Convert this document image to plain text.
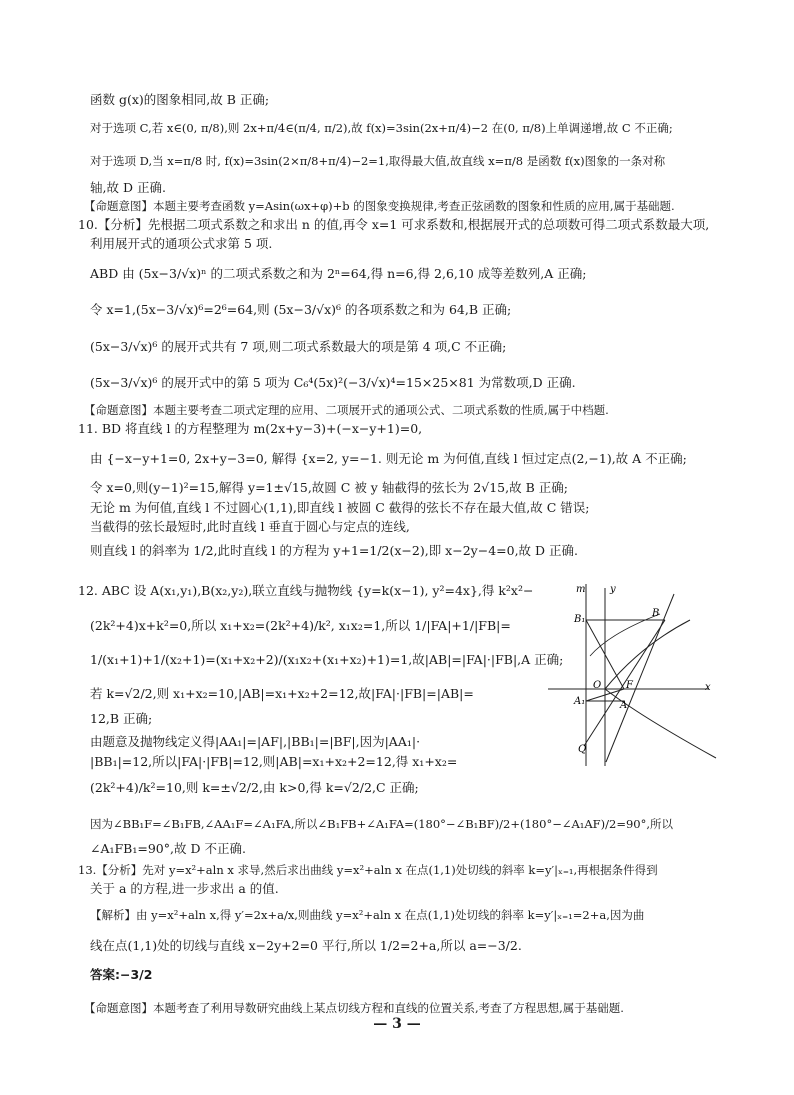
函数 g(x)的图象相同,故 B 正确;
对于选项 C,若 x∈(0, π/8),则 2x+π/4∈(π/4, π/2),故 f(x)=3sin(2x+π/4)−2 在(0, π/8)上单调递增,故 C 不正确;
对于选项 D,当 x=π/8 时, f(x)=3sin(2×π/8+π/4)−2=1,取得最大值,故直线 x=π/8 是函数 f(x)图象的一条对称
轴,故 D 正确.
【命题意图】本题主要考查函数 y=Asin(ωx+φ)+b 的图象变换规律,考查正弦函数的图象和性质的应用,属于基础题.
10.【分析】先根据二项式系数之和求出 n 的值,再令 x=1 可求系数和,根据展开式的总项数可得二项式系数最大项,
利用展开式的通项公式求第 5 项.
ABD 由 (5x−3/√x)ⁿ 的二项式系数之和为 2ⁿ=64,得 n=6,得 2,6,10 成等差数列,A 正确;
令 x=1,(5x−3/√x)⁶=2⁶=64,则 (5x−3/√x)⁶ 的各项系数之和为 64,B 正确;
(5x−3/√x)⁶ 的展开式共有 7 项,则二项式系数最大的项是第 4 项,C 不正确;
(5x−3/√x)⁶ 的展开式中的第 5 项为 C₆⁴(5x)²(−3/√x)⁴=15×25×81 为常数项,D 正确.
【命题意图】本题主要考查二项式定理的应用、二项展开式的通项公式、二项式系数的性质,属于中档题.
11. BD 将直线 l 的方程整理为 m(2x+y−3)+(−x−y+1)=0,
由 {−x−y+1=0, 2x+y−3=0, 解得 {x=2, y=−1. 则无论 m 为何值,直线 l 恒过定点(2,−1),故 A 不正确;
令 x=0,则(y−1)²=15,解得 y=1±√15,故圆 C 被 y 轴截得的弦长为 2√15,故 B 正确;
无论 m 为何值,直线 l 不过圆心(1,1),即直线 l 被圆 C 截得的弦长不存在最大值,故 C 错误;
当截得的弦长最短时,此时直线 l 垂直于圆心与定点的连线,
则直线 l 的斜率为 1/2,此时直线 l 的方程为 y+1=1/2(x−2),即 x−2y−4=0,故 D 正确.
12. ABC 设 A(x₁,y₁),B(x₂,y₂),联立直线与抛物线 {y=k(x−1), y²=4x},得 k²x²−
(2k²+4)x+k²=0,所以 x₁+x₂=(2k²+4)/k², x₁x₂=1,所以 1/|FA|+1/|FB|=
1/(x₁+1)+1/(x₂+1)=(x₁+x₂+2)/(x₁x₂+(x₁+x₂)+1)=1,故|AB|=|FA|·|FB|,A 正确;
若 k=√2/2,则 x₁+x₂=10,|AB|=x₁+x₂+2=12,故|FA|·|FB|=|AB|=
12,B 正确;
由题意及抛物线定义得|AA₁|=|AF|,|BB₁|=|BF|,因为|AA₁|·
|BB₁|=12,所以|FA|·|FB|=12,则|AB|=x₁+x₂+2=12,得 x₁+x₂=
(2k²+4)/k²=10,则 k=±√2/2,由 k>0,得 k=√2/2,C 正确;
因为∠BB₁F=∠B₁FB,∠AA₁F=∠A₁FA,所以∠B₁FB+∠A₁FA=(180°−∠B₁BF)/2+(180°−∠A₁AF)/2=90°,所以
∠A₁FB₁=90°,故 D 不正确.
13.【分析】先对 y=x²+aln x 求导,然后求出曲线 y=x²+aln x 在点(1,1)处切线的斜率 k=y′|ₓ₌₁,再根据条件得到
关于 a 的方程,进一步求出 a 的值.
【解析】由 y=x²+aln x,得 y′=2x+a/x,则曲线 y=x²+aln x 在点(1,1)处切线的斜率 k=y′|ₓ₌₁=2+a,因为曲
线在点(1,1)处的切线与直线 x−2y+2=0 平行,所以 1/2=2+a,所以 a=−3/2.
答案:−3/2
【命题意图】本题考查了利用导数研究曲线上某点切线方程和直线的位置关系,考查了方程思想,属于基础题.
m y
x
O F
A
A₁
B
B₁
Q
— 3 —
